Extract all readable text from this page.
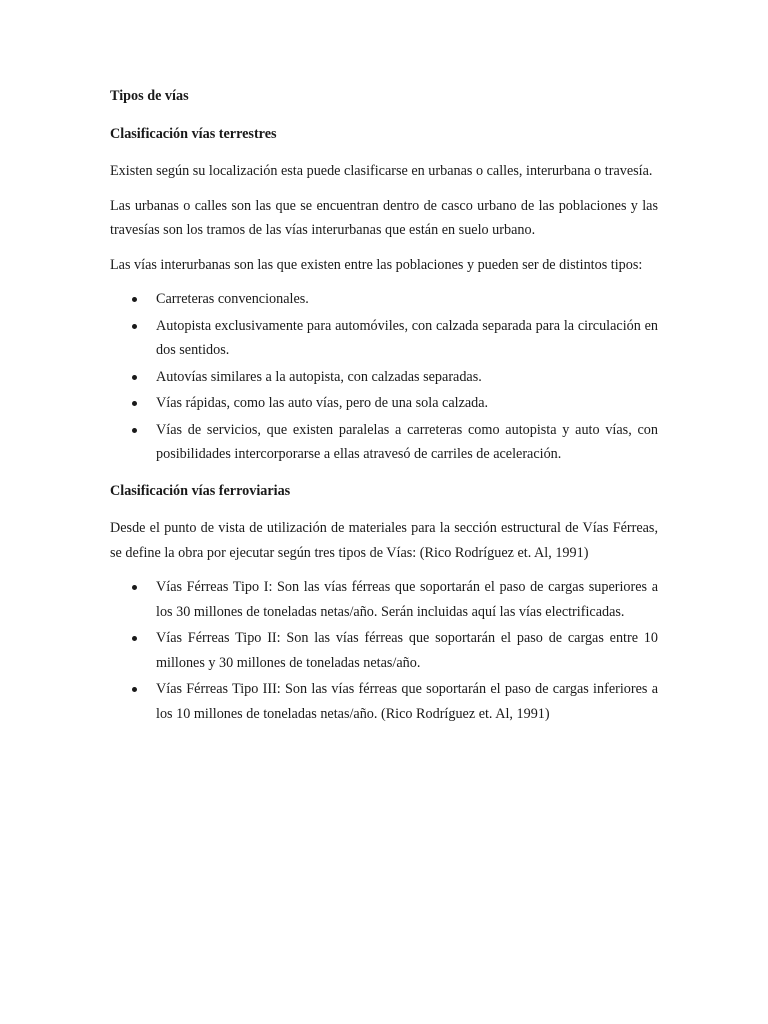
Tipos de vías
Clasificación vías terrestres
Existen según su localización esta puede clasificarse en urbanas o calles, interurbana o travesía.
Las urbanas o calles son las que se encuentran dentro de casco urbano de las poblaciones y las travesías son los tramos de las vías interurbanas que están en suelo urbano.
Las vías interurbanas son las que existen entre las poblaciones y pueden ser de distintos tipos:
Carreteras convencionales.
Autopista exclusivamente para automóviles, con calzada separada para la circulación en dos sentidos.
Autovías similares a la autopista, con calzadas separadas.
Vías rápidas, como las auto vías, pero de una sola calzada.
Vías de servicios, que existen paralelas a carreteras como autopista y auto vías, con posibilidades intercorporarse a ellas atravesó de carriles de aceleración.
Clasificación vías ferroviarias
Desde el punto de vista de utilización de materiales para la sección estructural de Vías Férreas, se define la obra por ejecutar según tres tipos de Vías: (Rico Rodríguez et. Al, 1991)
Vías Férreas Tipo I: Son las vías férreas que soportarán el paso de cargas superiores a los 30 millones de toneladas netas/año. Serán incluidas aquí las vías electrificadas.
Vías Férreas Tipo II: Son las vías férreas que soportarán el paso de cargas entre 10 millones y 30 millones de toneladas netas/año.
Vías Férreas Tipo III: Son las vías férreas que soportarán el paso de cargas inferiores a los 10 millones de toneladas netas/año. (Rico Rodríguez et. Al, 1991)
